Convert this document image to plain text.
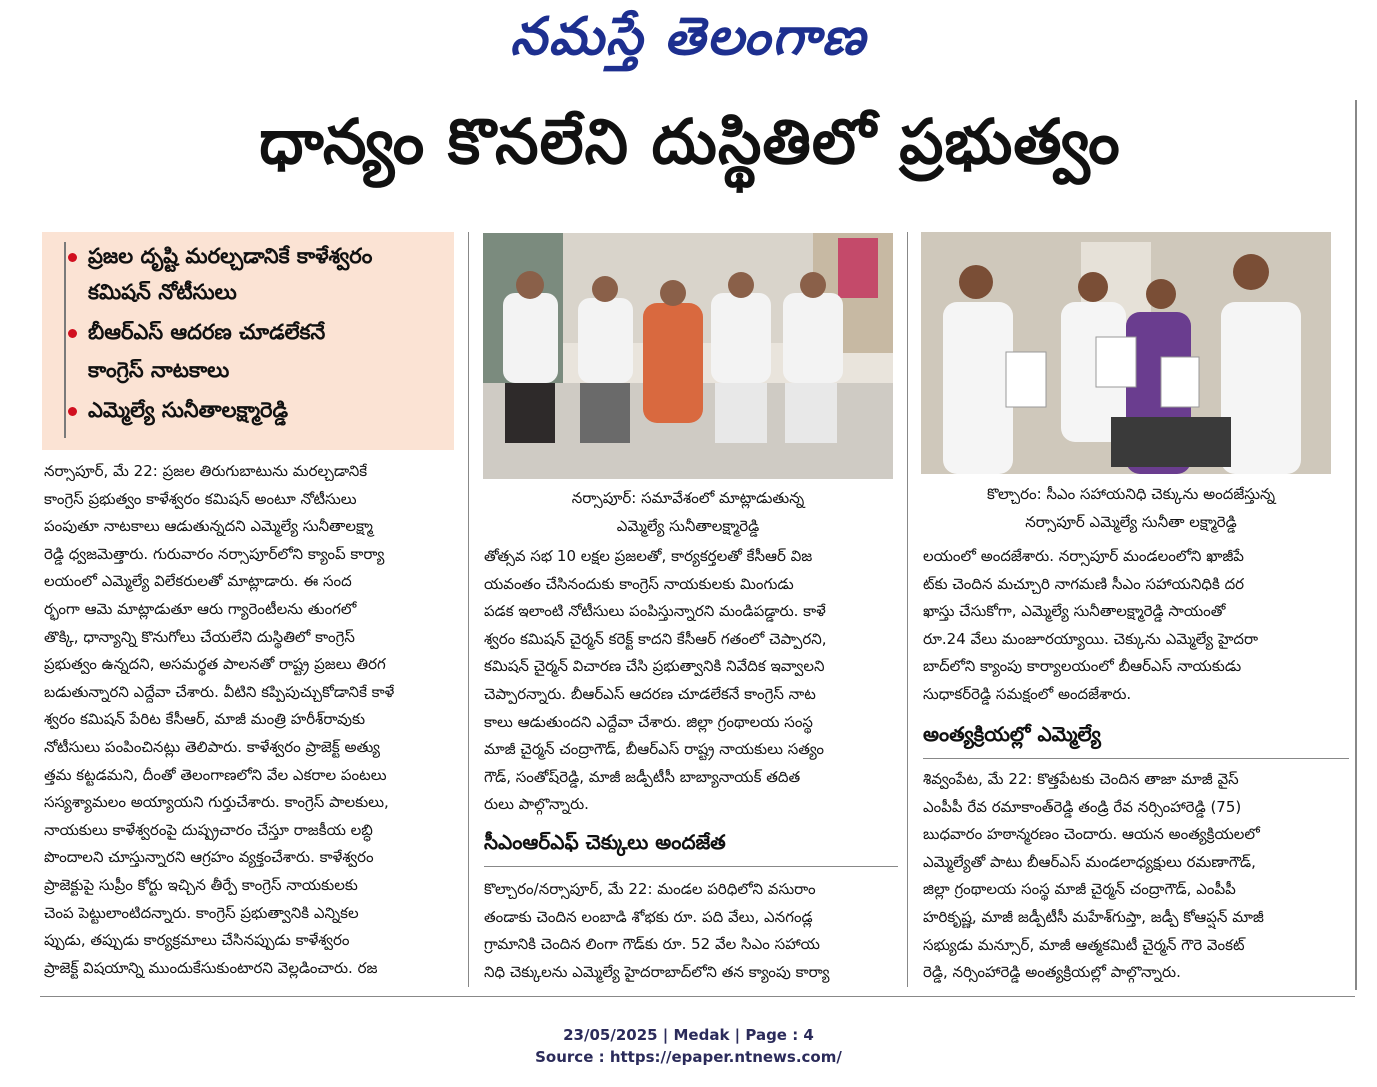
నమస్తే తెలంగాణ
ధాన్యం కొనలేని దుస్థితిలో ప్రభుత్వం
ప్రజల దృష్టి మరల్చడానికే కాళేశ్వరం
కమిషన్ నోటీసులు
బీఆర్ఎస్ ఆదరణ చూడలేకనే
కాంగ్రెస్ నాటకాలు
ఎమ్మెల్యే సునీతాలక్ష్మారెడ్డి
నర్సాపూర్: సమావేశంలో మాట్లాడుతున్న
ఎమ్మెల్యే సునీతాలక్ష్మారెడ్డి
కొల్చారం: సీఎం సహాయనిధి చెక్కును అందజేస్తున్న
నర్సాపూర్ ఎమ్మెల్యే సునీతా లక్ష్మారెడ్డి
నర్సాపూర్, మే 22: ప్రజల తిరుగుబాటును మరల్చడానికే
కాంగ్రెస్ ప్రభుత్వం కాళేశ్వరం కమిషన్ అంటూ నోటీసులు
పంపుతూ నాటకాలు ఆడుతున్నదని ఎమ్మెల్యే సునీతాలక్ష్మా
రెడ్డి ధ్వజమెత్తారు. గురువారం నర్సాపూర్‌లోని క్యాంప్ కార్యా
లయంలో ఎమ్మెల్యే విలేకరులతో మాట్లాడారు. ఈ సంద
ర్భంగా ఆమె మాట్లాడుతూ ఆరు గ్యారెంటీలను తుంగలో
తొక్కి, ధాన్యాన్ని కొనుగోలు చేయలేని దుస్థితిలో కాంగ్రెస్
ప్రభుత్వం ఉన్నదని, అసమర్థత పాలనతో రాష్ట్ర ప్రజలు తిరగ
బడుతున్నారని ఎద్దేవా చేశారు. వీటిని కప్పిపుచ్చుకోడానికే కాళే
శ్వరం కమిషన్ పేరిట కేసీఆర్, మాజీ మంత్రి హరీశ్‌రావుకు
నోటీసులు పంపించినట్లు తెలిపారు. కాళేశ్వరం ప్రాజెక్ట్ అత్యు
త్తమ కట్టడమని, దీంతో తెలంగాణలోని వేల ఎకరాల పంటలు
సస్యశ్యామలం అయ్యాయని గుర్తుచేశారు. కాంగ్రెస్ పాలకులు,
నాయకులు కాళేశ్వరంపై దుష్ప్రచారం చేస్తూ రాజకీయ లబ్ధి
పొందాలని చూస్తున్నారని ఆగ్రహం వ్యక్తంచేశారు. కాళేశ్వరం
ప్రాజెక్టుపై సుప్రీం కోర్టు ఇచ్చిన తీర్పే కాంగ్రెస్ నాయకులకు
చెంప పెట్టులాంటిదన్నారు. కాంగ్రెస్ ప్రభుత్వానికి ఎన్నికల
ప్పుడు, తప్పుడు కార్యక్రమాలు చేసినప్పుడు కాళేశ్వరం
ప్రాజెక్ట్ విషయాన్ని ముందుకేసుకుంటారని వెల్లడించారు. రజ
తోత్సవ సభ 10 లక్షల ప్రజలతో, కార్యకర్తలతో కేసీఆర్ విజ
యవంతం చేసినందుకు కాంగ్రెస్ నాయకులకు మింగుడు
పడక ఇలాంటి నోటీసులు పంపిస్తున్నారని మండిపడ్డారు. కాళే
శ్వరం కమిషన్ చైర్మన్ కరెక్ట్ కాదని కేసీఆర్ గతంలో చెప్పారని,
కమిషన్ చైర్మన్ విచారణ చేసి ప్రభుత్వానికి నివేదిక ఇవ్వాలని
చెప్పారన్నారు. బీఆర్ఎస్ ఆదరణ చూడలేకనే కాంగ్రెస్ నాట
కాలు ఆడుతుందని ఎద్దేవా చేశారు. జిల్లా గ్రంథాలయ సంస్థ
మాజీ చైర్మన్ చంద్రాగౌడ్, బీఆర్ఎస్ రాష్ట్ర నాయకులు సత్యం
గౌడ్, సంతోష్‌రెడ్డి, మాజీ జడ్పీటీసీ బాబ్యానాయక్ తదిత
రులు పాల్గొన్నారు.
సీఎంఆర్ఎఫ్ చెక్కులు అందజేత
కొల్చారం/నర్సాపూర్, మే 22: మండల పరిధిలోని వసురాం
తండాకు చెందిన లంబాడి శోభకు రూ. పది వేలు, ఎనగండ్ల
గ్రామానికి చెందిన లింగా గౌడ్‌కు రూ. 52 వేల సిఎం సహాయ
నిధి చెక్కులను ఎమ్మెల్యే హైదరాబాద్‌లోని తన క్యాంపు కార్యా
లయంలో అందజేశారు. నర్సాపూర్ మండలంలోని ఖాజీపే
ట్‌కు చెందిన మచ్చూరి నాగమణి సీఎం సహాయనిధికి దర
ఖాస్తు చేసుకోగా, ఎమ్మెల్యే సునీతాలక్ష్మారెడ్డి సాయంతో
రూ.24 వేలు మంజూరయ్యాయి. చెక్కును ఎమ్మెల్యే హైదరా
బాద్‌లోని క్యాంపు కార్యాలయంలో బీఆర్ఎస్ నాయకుడు
సుధాకర్‌రెడ్డి సమక్షంలో అందజేశారు.
అంత్యక్రియల్లో ఎమ్మెల్యే
శివ్వంపేట, మే 22: కొత్తపేటకు చెందిన తాజా మాజీ వైస్
ఎంపీపీ రేవ రమాకాంత్‌రెడ్డి తండ్రి రేవ నర్సింహారెడ్డి (75)
బుధవారం హఠాన్మరణం చెందారు. ఆయన అంత్యక్రియలలో
ఎమ్మెల్యేతో పాటు బీఆర్ఎస్ మండలాధ్యక్షులు రమణాగౌడ్,
జిల్లా గ్రంథాలయ సంస్థ మాజీ చైర్మన్ చంద్రాగౌడ్, ఎంపీపీ
హరికృష్ణ, మాజీ జడ్పీటీసీ మహేశ్‌గుప్తా, జడ్పీ కోఆప్షన్ మాజీ
సభ్యుడు మన్సూర్, మాజీ ఆత్మకమిటీ చైర్మన్ గౌరె వెంకట్
రెడ్డి, నర్సింహారెడ్డి అంత్యక్రియల్లో పాల్గొన్నారు.
23/05/2025 | Medak | Page : 4
Source : https://epaper.ntnews.com/
